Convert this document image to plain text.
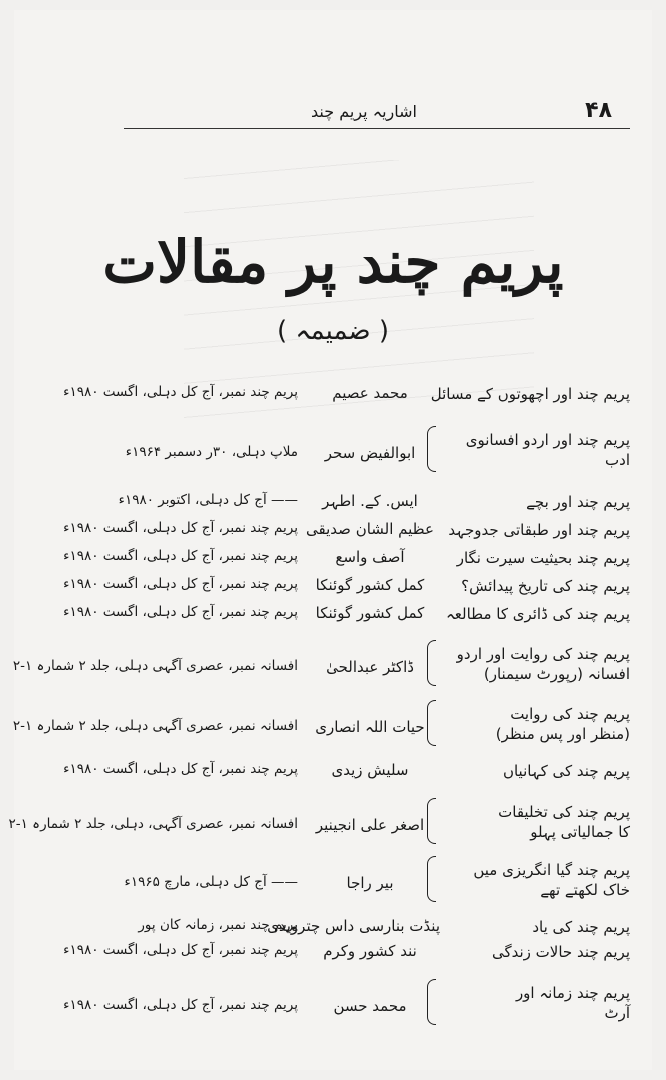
۴۸
اشاریہ پریم چند
پریم چند پر مقالات
( ضمیمہ )
پریم چند اور اچھوتوں کے مسائل
محمد عصیم
پریم چند نمبر، آج کل دہلی، اگست ۱۹۸۰ء
پریم چند اور اردو افسانوی
ادب
ابوالفیض سحر
ملاپ دہلی، ۳۰ر دسمبر ۱۹۶۴ء
پریم چند اور بچے
ایس. کے. اطہر
—— آج کل دہلی، اکتوبر ۱۹۸۰ء
پریم چند اور طبقاتی جدوجہد
عظیم الشان صدیقی
پریم چند نمبر، آج کل دہلی، اگست ۱۹۸۰ء
پریم چند بحیثیت سیرت نگار
آصف واسع
پریم چند نمبر، آج کل دہلی، اگست ۱۹۸۰ء
پریم چند کی تاریخ پیدائش؟
کمل کشور گوئنکا
پریم چند نمبر، آج کل دہلی، اگست ۱۹۸۰ء
پریم چند کی ڈائری کا مطالعہ
کمل کشور گوئنکا
پریم چند نمبر، آج کل دہلی، اگست ۱۹۸۰ء
پریم چند کی روایت اور اردو
افسانہ (رپورٹ سیمنار)
ڈاکٹر عبدالحیٰ
افسانہ نمبر، عصری آگہی دہلی، جلد ۲ شمارہ ۱-۲
پریم چند کی روایت
(منظر اور پس منظر)
حیات اللہ انصاری
افسانہ نمبر، عصری آگہی دہلی، جلد ۲ شمارہ ۱-۲
پریم چند کی کہانیاں
سلیش زیدی
پریم چند نمبر، آج کل دہلی، اگست ۱۹۸۰ء
پریم چند کی تخلیقات
کا جمالیاتی پہلو
اصغر علی انجینیر
افسانہ نمبر، عصری آگہی، دہلی، جلد ۲ شمارہ ۱-۲
پریم چند گیا انگریزی میں
خاک لکھتے تھے
بیر راجا
—— آج کل دہلی، مارچ ۱۹۶۵ء
پریم چند کی یاد
پنڈت بنارسی داس چترویدی
پریم چند نمبر، زمانہ کان پور
پریم چند حالات زندگی
نند کشور وکرم
پریم چند نمبر، آج کل دہلی، اگست ۱۹۸۰ء
پریم چند زمانہ اور
آرٹ
محمد حسن
پریم چند نمبر، آج کل دہلی، اگست ۱۹۸۰ء
